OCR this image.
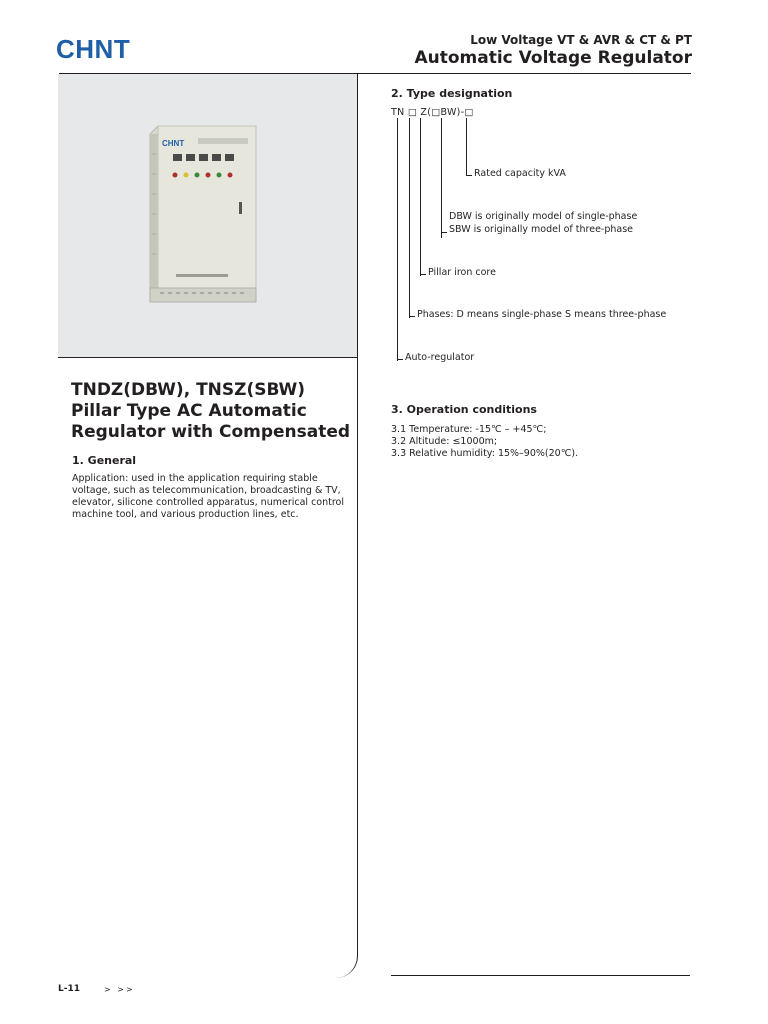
CHNT	Low Voltage VT & AVR & CT & PT
Automatic Voltage Regulator
CHNT
TNDZ(DBW), TNSZ(SBW)
Pillar Type AC Automatic
Regulator with Compensated
1. General
Application: used in the application requiring stable
voltage, such as telecommunication, broadcasting & TV,
elevator, silicone controlled apparatus, numerical control
machine tool, and various production lines, etc.
2. Type designation
TN □ Z(□BW)-□
Rated capacity kVA
DBW is originally model of single-phase
SBW is originally model of three-phase
Pillar iron core
Phases: D means single-phase S means three-phase
Auto-regulator
3. Operation conditions
3.1 Temperature: -15℃ – +45℃;
3.2 Altitude: ≤1000m;
3.3 Relative humidity: 15%–90%(20℃).
L-11	> >>
